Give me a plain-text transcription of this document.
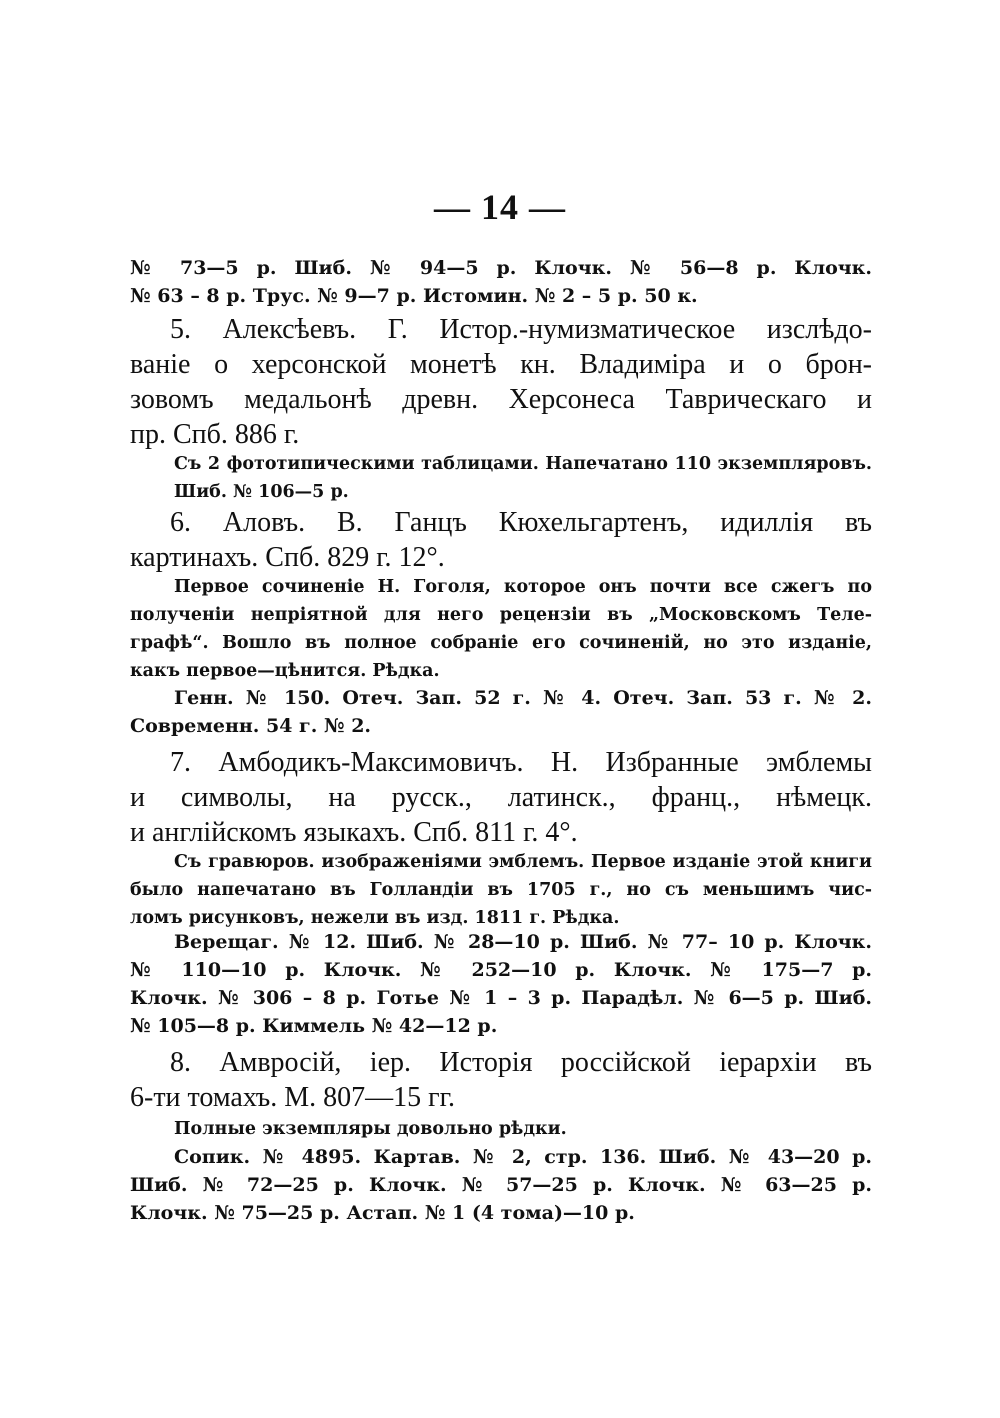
— 14 —
№ 73—5 р. Шиб. № 94—5 р. Клочк. № 56—8 р. Клочк.
№ 63 – 8 р. Трус. № 9—7 р. Истомин. № 2 – 5 р. 50 к.
5. Алексѣевъ. Г. Истор.-нумизматическое изслѣдо-
ваніе о херсонской монетѣ кн. Владиміра и о брон-
зовомъ медальонѣ древн. Херсонеса Таврическаго и
пр. Спб. 886 г.
Съ 2 фототипическими таблицами. Напечатано 110 экземпляровъ.
Шиб. № 106—5 р.
6. Аловъ. В. Ганцъ Кюхельгартенъ, идиллія въ
картинахъ. Спб. 829 г. 12°.
Первое сочиненіе Н. Гоголя, которое онъ почти все сжегъ по
полученіи непріятной для него рецензіи въ „Московскомъ Теле-
графѣ“. Вошло въ полное собраніе его сочиненій, но это изданіе,
какъ первое—цѣнится. Рѣдка.
Генн. № 150. Отеч. Зап. 52 г. № 4. Отеч. Зап. 53 г. № 2.
Современн. 54 г. № 2.
7. Амбодикъ-Максимовичъ. Н. Избранные эмблемы
и символы, на русск., латинск., франц., нѣмецк.
и англійскомъ языкахъ. Спб. 811 г. 4°.
Съ гравюров. изображеніями эмблемъ. Первое изданіе этой книги
было напечатано въ Голландіи въ 1705 г., но съ меньшимъ чис-
ломъ рисунковъ, нежели въ изд. 1811 г. Рѣдка.
Верещаг. № 12. Шиб. № 28—10 р. Шиб. № 77– 10 р. Клочк.
№ 110—10 р. Клочк. № 252—10 р. Клочк. № 175—7 р.
Клочк. № 306 – 8 р. Готье № 1 – 3 р. Парадѣл. № 6—5 р. Шиб.
№ 105—8 р. Киммель № 42—12 р.
8. Амвросій, іер. Исторія россійской іерархіи въ
6-ти томахъ. М. 807—15 гг.
Полные экземпляры довольно рѣдки.
Сопик. № 4895. Картав. № 2, стр. 136. Шиб. № 43—20 р.
Шиб. № 72—25 р. Клочк. № 57—25 р. Клочк. № 63—25 р.
Клочк. № 75—25 р. Астап. № 1 (4 тома)—10 р.
